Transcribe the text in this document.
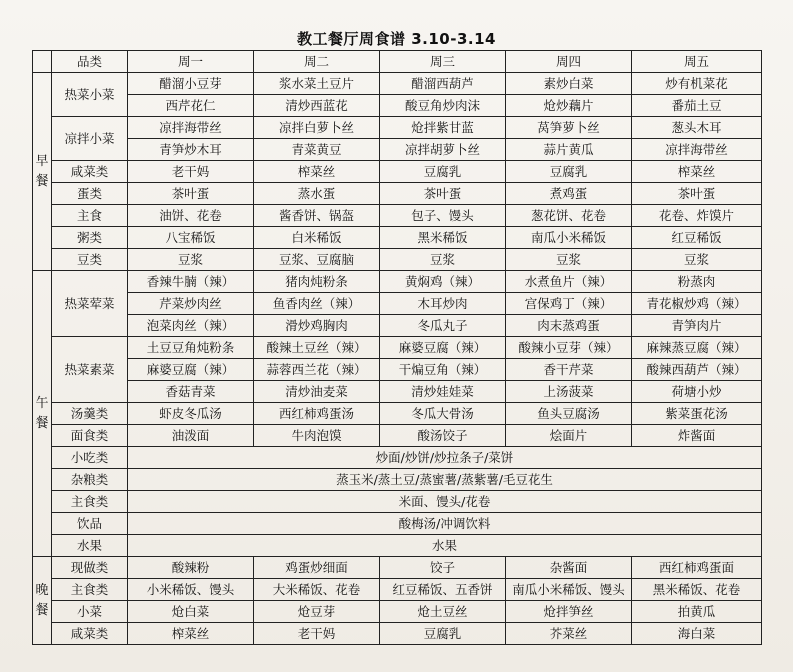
教工餐厅周食谱 3.10-3.14
	品类	周一	周二	周三	周四	周五

早
餐	热菜小菜	醋溜小豆芽	浆水菜土豆片	醋溜西葫芦	素炒白菜	炒有机菜花
		西芹花仁	清炒西蓝花	酸豆角炒肉沫	炝炒藕片	番茄土豆
	凉拌小菜	凉拌海带丝	凉拌白萝卜丝	炝拌紫甘蓝	莴笋萝卜丝	葱头木耳
		青笋炒木耳	青菜黄豆	凉拌胡萝卜丝	蒜片黄瓜	凉拌海带丝
	咸菜类	老干妈	榨菜丝	豆腐乳	豆腐乳	榨菜丝
	蛋类	茶叶蛋	蒸水蛋	茶叶蛋	煮鸡蛋	茶叶蛋
	主食	油饼、花卷	酱香饼、锅盔	包子、馒头	葱花饼、花卷	花卷、炸馍片
	粥类	八宝稀饭	白米稀饭	黑米稀饭	南瓜小米稀饭	红豆稀饭
	豆类	豆浆	豆浆、豆腐脑	豆浆	豆浆	豆浆

午
餐	热菜荤菜	香辣牛腩（辣）	猪肉炖粉条	黄焖鸡（辣）	水煮鱼片（辣）	粉蒸肉
		芹菜炒肉丝	鱼香肉丝（辣）	木耳炒肉	宫保鸡丁（辣）	青花椒炒鸡（辣）
		泡菜肉丝（辣）	滑炒鸡胸肉	冬瓜丸子	肉末蒸鸡蛋	青笋肉片
	热菜素菜	土豆豆角炖粉条	酸辣土豆丝（辣）	麻婆豆腐（辣）	酸辣小豆芽（辣）	麻辣蒸豆腐（辣）
		麻婆豆腐（辣）	蒜蓉西兰花（辣）	干煸豆角（辣）	香干芹菜	酸辣西葫芦（辣）
		香菇青菜	清炒油麦菜	清炒娃娃菜	上汤菠菜	荷塘小炒
	汤羹类	虾皮冬瓜汤	西红柿鸡蛋汤	冬瓜大骨汤	鱼头豆腐汤	紫菜蛋花汤
	面食类	油泼面	牛肉泡馍	酸汤饺子	烩面片	炸酱面
	小吃类	炒面/炒饼/炒拉条子/菜饼				
	杂粮类	蒸玉米/蒸土豆/蒸蜜薯/蒸紫薯/毛豆花生				
	主食类	米面、馒头/花卷				
	饮品	酸梅汤/冲调饮料				
	水果	水果				

晚
餐	现做类	酸辣粉	鸡蛋炒细面	饺子	杂酱面	西红柿鸡蛋面
	主食类	小米稀饭、馒头	大米稀饭、花卷	红豆稀饭、五香饼	南瓜小米稀饭、馒头	黑米稀饭、花卷
	小菜	炝白菜	炝豆芽	炝土豆丝	炝拌笋丝	拍黄瓜
	咸菜类	榨菜丝	老干妈	豆腐乳	芥菜丝	海白菜
